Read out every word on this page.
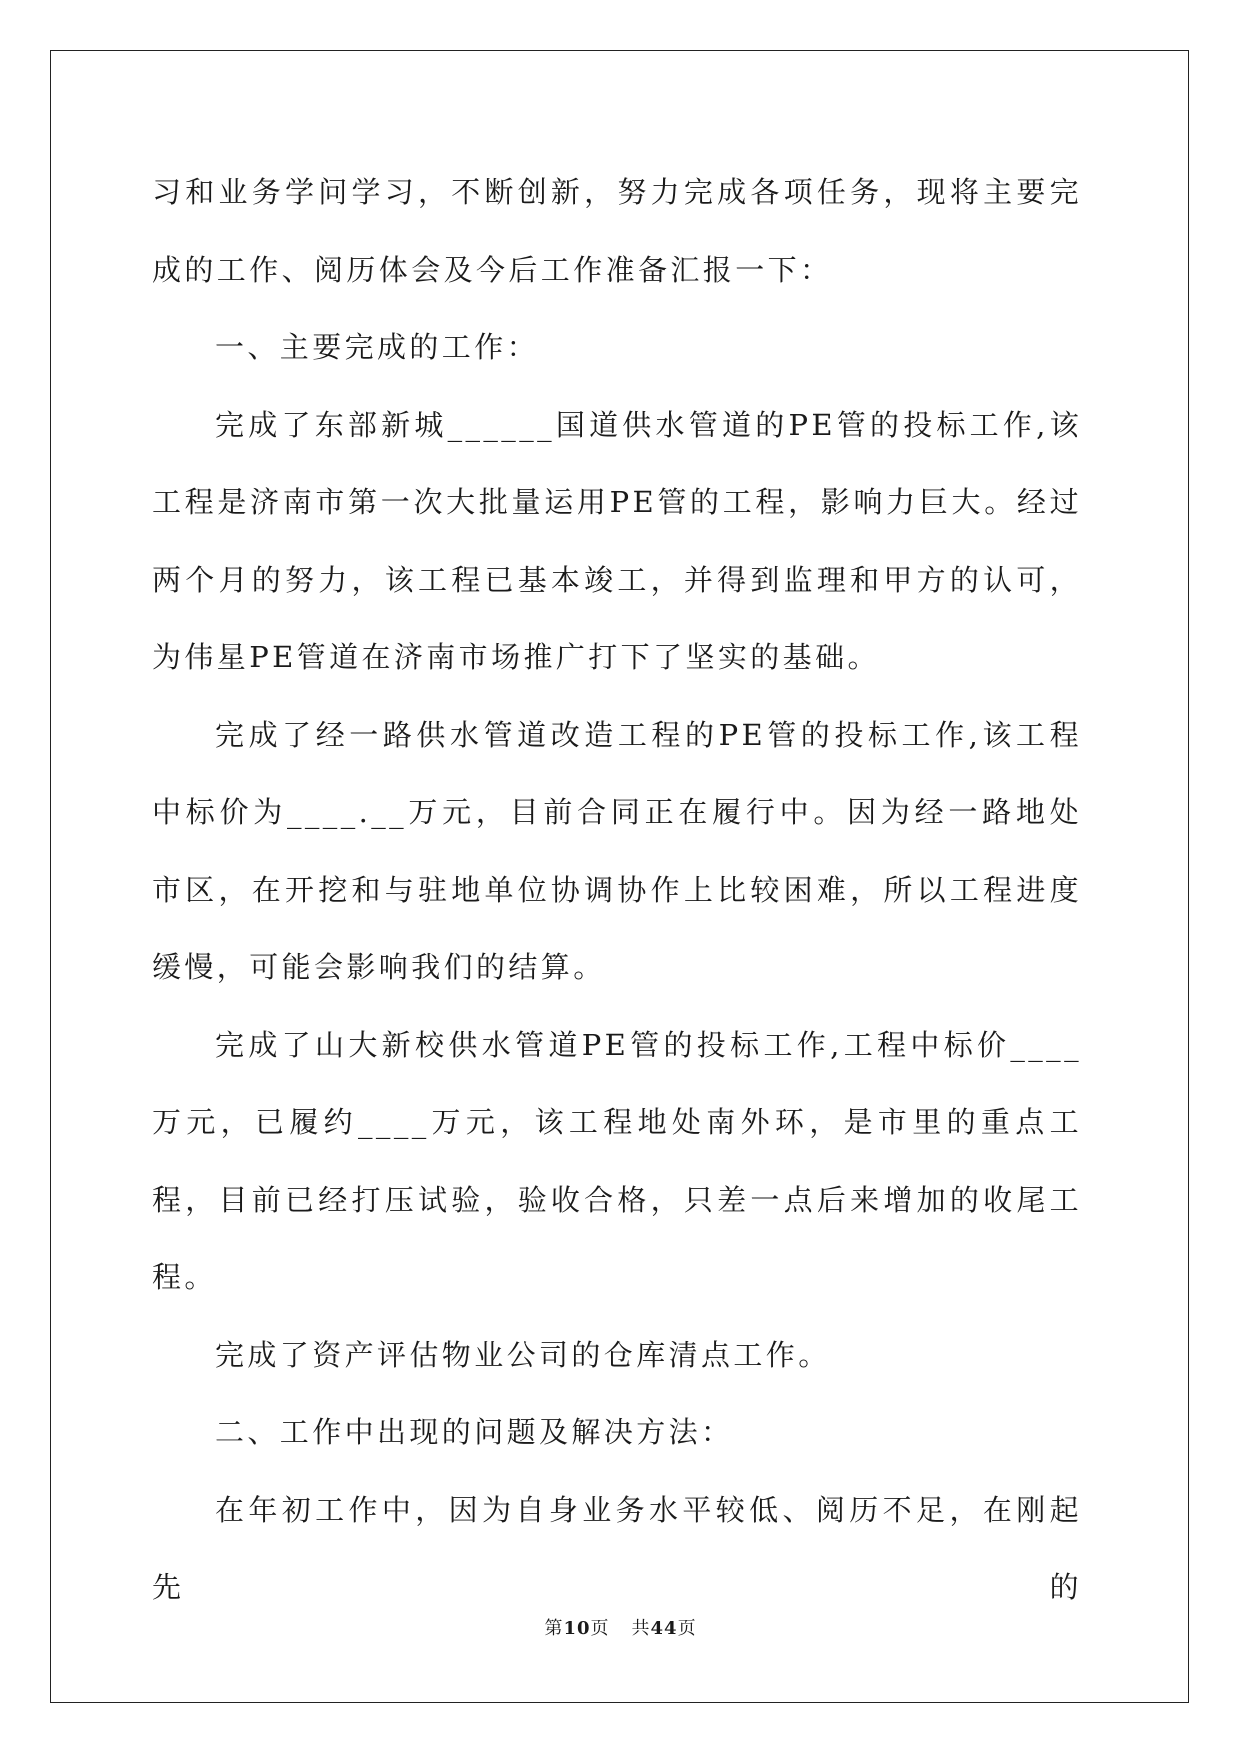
习和业务学问学习，不断创新，努力完成各项任务，现将主要完成的工作、阅历体会及今后工作准备汇报一下：

一、主要完成的工作：

完成了东部新城______国道供水管道的PE管的投标工作,该工程是济南市第一次大批量运用PE管的工程，影响力巨大。经过两个月的努力，该工程已基本竣工，并得到监理和甲方的认可，为伟星PE管道在济南市场推广打下了坚实的基础。

完成了经一路供水管道改造工程的PE管的投标工作,该工程中标价为____.__万元，目前合同正在履行中。因为经一路地处市区，在开挖和与驻地单位协调协作上比较困难，所以工程进度缓慢，可能会影响我们的结算。

完成了山大新校供水管道PE管的投标工作,工程中标价____万元，已履约____万元，该工程地处南外环，是市里的重点工程，目前已经打压试验，验收合格，只差一点后来增加的收尾工程。

完成了资产评估物业公司的仓库清点工作。

二、工作中出现的问题及解决方法：

在年初工作中，因为自身业务水平较低、阅历不足，在刚起先的

第10页 共44页
